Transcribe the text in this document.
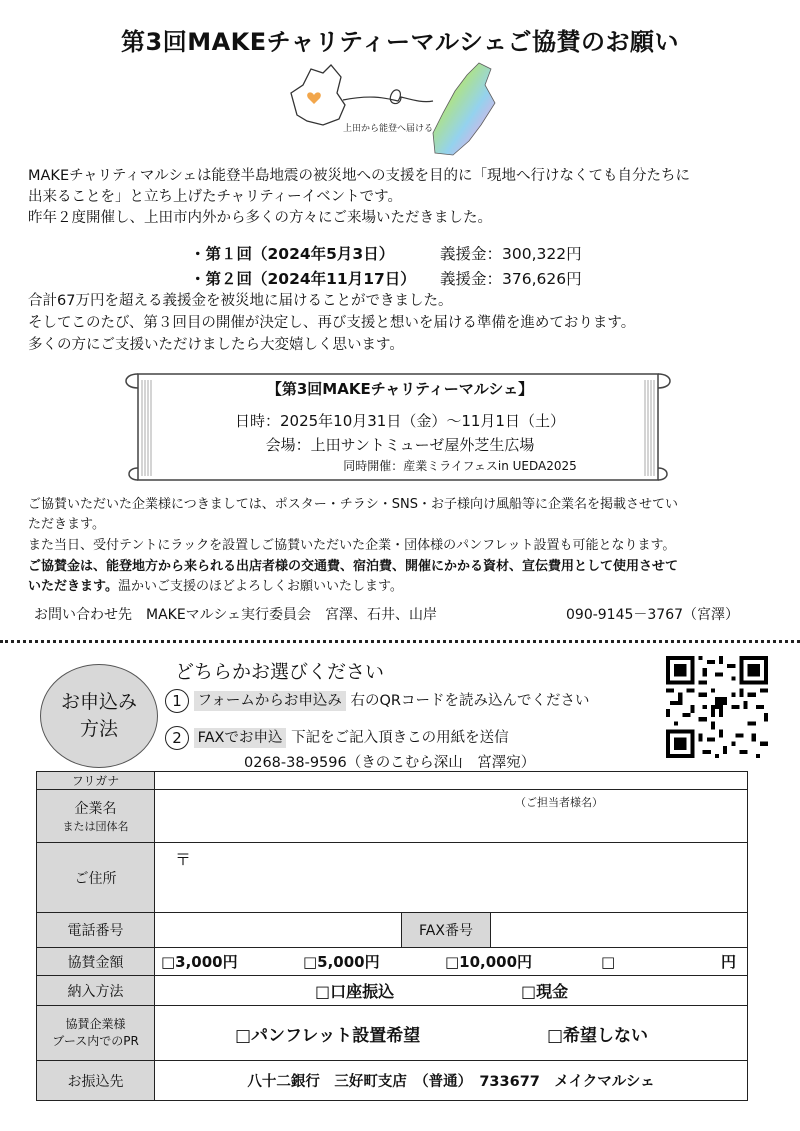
第3回MAKEチャリティーマルシェご協賛のお願い
上田から能登へ届ける
MAKEチャリティマルシェは能登半島地震の被災地への支援を目的に「現地へ行けなくても自分たちに
出来ることを」と立ち上げたチャリティーイベントです。
昨年２度開催し、上田市内外から多くの方々にご来場いただきました。
・第１回（2024年5月3日）	義援金：300,322円
・第２回（2024年11月17日） 義援金：376,626円
合計67万円を超える義援金を被災地に届けることができました。
そしてこのたび、第３回目の開催が決定し、再び支援と想いを届ける準備を進めております。
多くの方にご支援いただけましたら大変嬉しく思います。
【第3回MAKEチャリティーマルシェ】
日時：2025年10月31日（金）～11月1日（土）
会場：上田サントミューゼ屋外芝生広場
同時開催：産業ミライフェスin UEDA2025
ご協賛いただいた企業様につきましては、ポスター・チラシ・SNS・お子様向け風船等に企業名を掲載させてい
ただきます。
また当日、受付テントにラックを設置しご協賛いただいた企業・団体様のパンフレット設置も可能となります。
ご協賛金は、能登地方から来られる出店者様の交通費、宿泊費、開催にかかる資材、宣伝費用として使用させて
いただきます。温かいご支援のほどよろしくお願いいたします。
お問い合わせ先　MAKEマルシェ実行委員会　宮澤、石井、山岸	090-9145－3767（宮澤）
お申込み
方法
どちらかお選びください
1 フォームからお申込み 右のQRコードを読み込んでください
2 FAXでお申込 下記をご記入頂きこの用紙を送信
0268-38-9596（きのこむら深山　宮澤宛）
フリガナ			

企業名
または団体名	（ご担当者様名）		

ご住所	〒		

電話番号		FAX番号	
協賛金額	□3,000円 □5,000円 □10,000円 □ 円		
納入方法	□口座振込 □現金		

協賛企業様
ブース内でのPR	□パンフレット設置希望 □希望しない		
お振込先	八十二銀行　三好町支店　（普通）　733677　メイクマルシェ		
